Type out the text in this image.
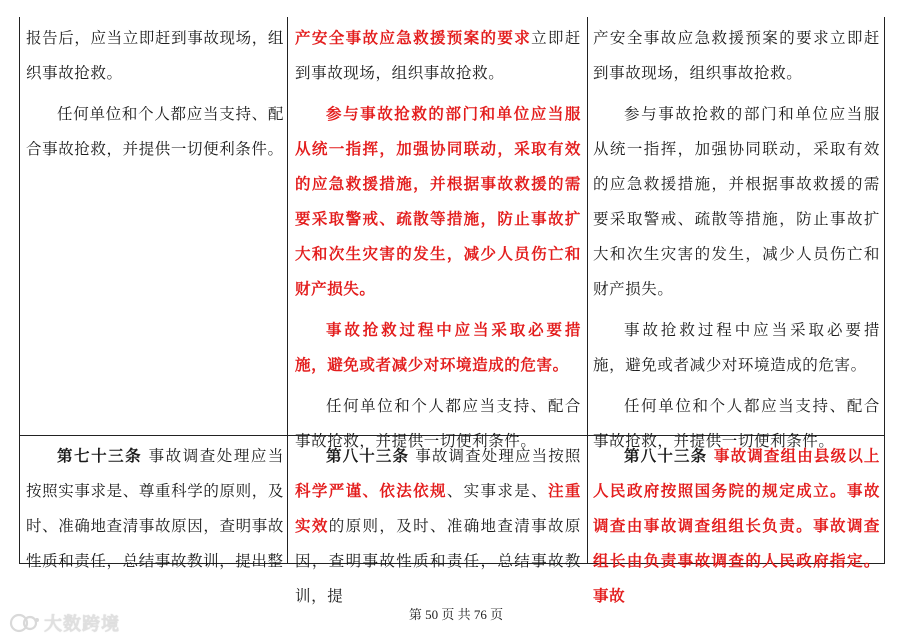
报告后，应当立即赶到事故现场，组织事故抢救。

任何单位和个人都应当支持、配合事故抢救，并提供一切便利条件。

产安全事故应急救援预案的要求立即赶到事故现场，组织事故抢救。

参与事故抢救的部门和单位应当服从统一指挥，加强协同联动，采取有效的应急救援措施，并根据事故救援的需要采取警戒、疏散等措施，防止事故扩大和次生灾害的发生，减少人员伤亡和财产损失。

事故抢救过程中应当采取必要措施，避免或者减少对环境造成的危害。

任何单位和个人都应当支持、配合事故抢救，并提供一切便利条件。

产安全事故应急救援预案的要求立即赶到事故现场，组织事故抢救。

参与事故抢救的部门和单位应当服从统一指挥，加强协同联动，采取有效的应急救援措施，并根据事故救援的需要采取警戒、疏散等措施，防止事故扩大和次生灾害的发生，减少人员伤亡和财产损失。

事故抢救过程中应当采取必要措施，避免或者减少对环境造成的危害。

任何单位和个人都应当支持、配合事故抢救，并提供一切便利条件。

第七十三条 事故调查处理应当按照实事求是、尊重科学的原则，及时、准确地查清事故原因，查明事故性质和责任，总结事故教训，提出整

第八十三条 事故调查处理应当按照科学严谨、依法依规、实事求是、注重实效的原则，及时、准确地查清事故原因，查明事故性质和责任，总结事故教训，提

第八十三条 事故调查组由县级以上人民政府按照国务院的规定成立。事故调查由事故调查组组长负责。事故调查组长由负责事故调查的人民政府指定。事故

大数跨境	第 50 页 共 76 页
